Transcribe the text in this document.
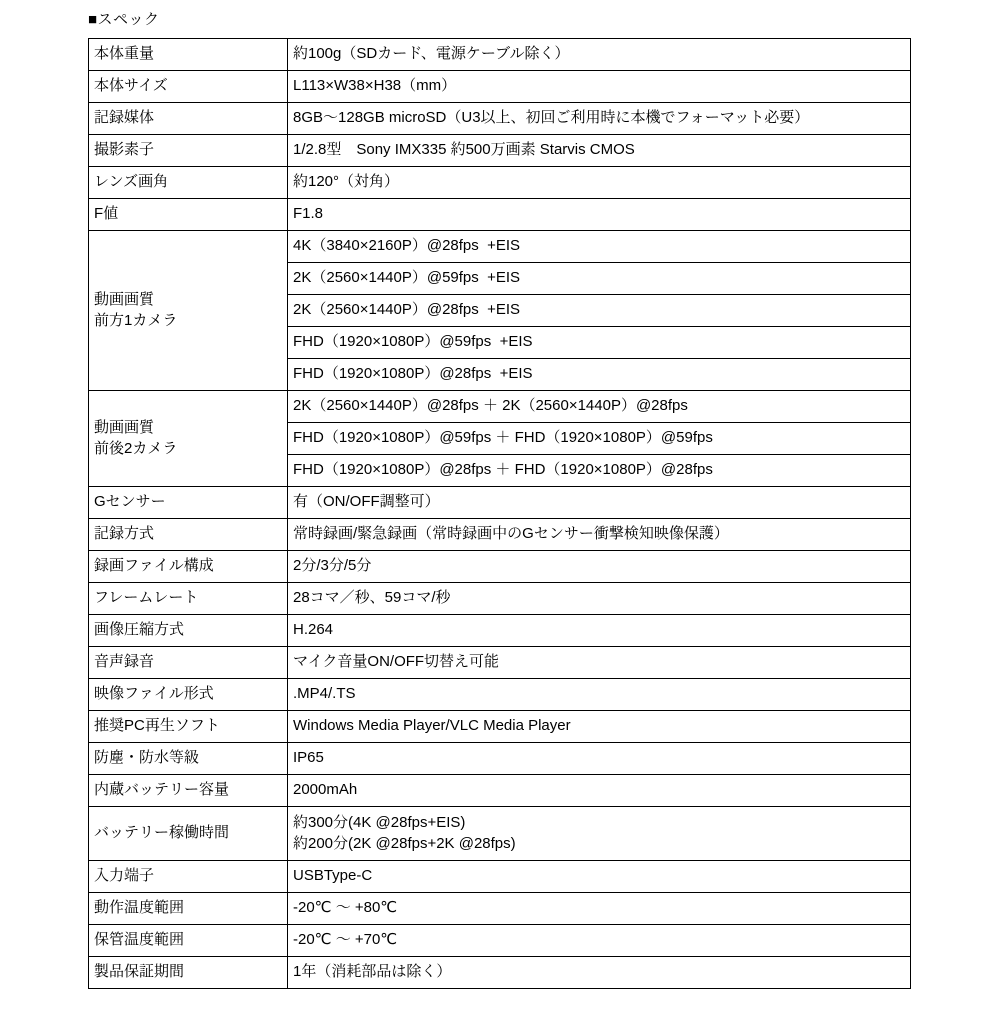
■スペック
本体重量	約100g（SDカード、電源ケーブル除く）
本体サイズ	L113×W38×H38（mm）
記録媒体	8GB～128GB microSD（U3以上、初回ご利用時に本機でフォーマット必要）
撮影素子	1/2.8型　Sony IMX335 約500万画素 Starvis CMOS
レンズ画角	約120°（対角）
F値	F1.8
動画画質
前方1カメラ	4K（3840×2160P）@28fps  +EIS
	2K（2560×1440P）@59fps  +EIS
	2K（2560×1440P）@28fps  +EIS
	FHD（1920×1080P）@59fps  +EIS
	FHD（1920×1080P）@28fps  +EIS
動画画質
前後2カメラ	2K（2560×1440P）@28fps ＋ 2K（2560×1440P）@28fps
	FHD（1920×1080P）@59fps ＋ FHD（1920×1080P）@59fps
	FHD（1920×1080P）@28fps ＋ FHD（1920×1080P）@28fps
Gセンサー	有（ON/OFF調整可）
記録方式	常時録画/緊急録画（常時録画中のGセンサー衝撃検知映像保護）
録画ファイル構成	2分/3分/5分
フレームレート	28コマ／秒、59コマ/秒
画像圧縮方式	H.264
音声録音	マイク音量ON/OFF切替え可能
映像ファイル形式	.MP4/.TS
推奨PC再生ソフト	Windows Media Player/VLC Media Player
防塵・防水等級	IP65
内蔵バッテリー容量	2000mAh
バッテリー稼働時間	約300分(4K @28fps+EIS)
約200分(2K @28fps+2K @28fps)
入力端子	USBType-C
動作温度範囲	-20℃ ～ +80℃
保管温度範囲	-20℃ ～ +70℃
製品保証期間	1年（消耗部品は除く）
